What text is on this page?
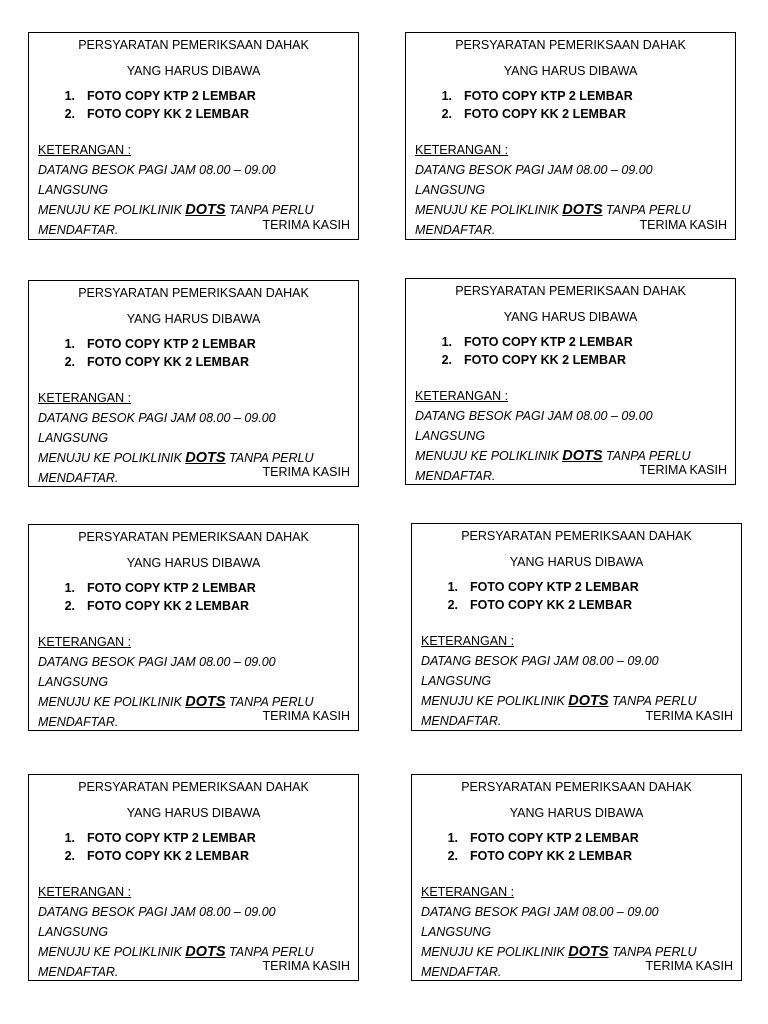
PERSYARATAN PEMERIKSAAN DAHAK
YANG HARUS DIBAWA
1. FOTO COPY KTP 2 LEMBAR
2. FOTO COPY KK 2 LEMBAR
KETERANGAN :
DATANG BESOK PAGI JAM 08.00 – 09.00 LANGSUNG
MENUJU KE POLIKLINIK DOTS TANPA PERLU
MENDAFTAR.	TERIMA KASIH
PERSYARATAN PEMERIKSAAN DAHAK
YANG HARUS DIBAWA
1. FOTO COPY KTP 2 LEMBAR
2. FOTO COPY KK 2 LEMBAR
KETERANGAN :
DATANG BESOK PAGI JAM 08.00 – 09.00 LANGSUNG
MENUJU KE POLIKLINIK DOTS TANPA PERLU
MENDAFTAR.	TERIMA KASIH
PERSYARATAN PEMERIKSAAN DAHAK
YANG HARUS DIBAWA
1. FOTO COPY KTP 2 LEMBAR
2. FOTO COPY KK 2 LEMBAR
KETERANGAN :
DATANG BESOK PAGI JAM 08.00 – 09.00 LANGSUNG
MENUJU KE POLIKLINIK DOTS TANPA PERLU
MENDAFTAR.	TERIMA KASIH
PERSYARATAN PEMERIKSAAN DAHAK
YANG HARUS DIBAWA
1. FOTO COPY KTP 2 LEMBAR
2. FOTO COPY KK 2 LEMBAR
KETERANGAN :
DATANG BESOK PAGI JAM 08.00 – 09.00 LANGSUNG
MENUJU KE POLIKLINIK DOTS TANPA PERLU
MENDAFTAR.	TERIMA KASIH
PERSYARATAN PEMERIKSAAN DAHAK
YANG HARUS DIBAWA
1. FOTO COPY KTP 2 LEMBAR
2. FOTO COPY KK 2 LEMBAR
KETERANGAN :
DATANG BESOK PAGI JAM 08.00 – 09.00 LANGSUNG
MENUJU KE POLIKLINIK DOTS TANPA PERLU
MENDAFTAR.	TERIMA KASIH
PERSYARATAN PEMERIKSAAN DAHAK
YANG HARUS DIBAWA
1. FOTO COPY KTP 2 LEMBAR
2. FOTO COPY KK 2 LEMBAR
KETERANGAN :
DATANG BESOK PAGI JAM 08.00 – 09.00 LANGSUNG
MENUJU KE POLIKLINIK DOTS TANPA PERLU
MENDAFTAR.	TERIMA KASIH
PERSYARATAN PEMERIKSAAN DAHAK
YANG HARUS DIBAWA
1. FOTO COPY KTP 2 LEMBAR
2. FOTO COPY KK 2 LEMBAR
KETERANGAN :
DATANG BESOK PAGI JAM 08.00 – 09.00 LANGSUNG
MENUJU KE POLIKLINIK DOTS TANPA PERLU
MENDAFTAR.	TERIMA KASIH
PERSYARATAN PEMERIKSAAN DAHAK
YANG HARUS DIBAWA
1. FOTO COPY KTP 2 LEMBAR
2. FOTO COPY KK 2 LEMBAR
KETERANGAN :
DATANG BESOK PAGI JAM 08.00 – 09.00 LANGSUNG
MENUJU KE POLIKLINIK DOTS TANPA PERLU
MENDAFTAR.	TERIMA KASIH
